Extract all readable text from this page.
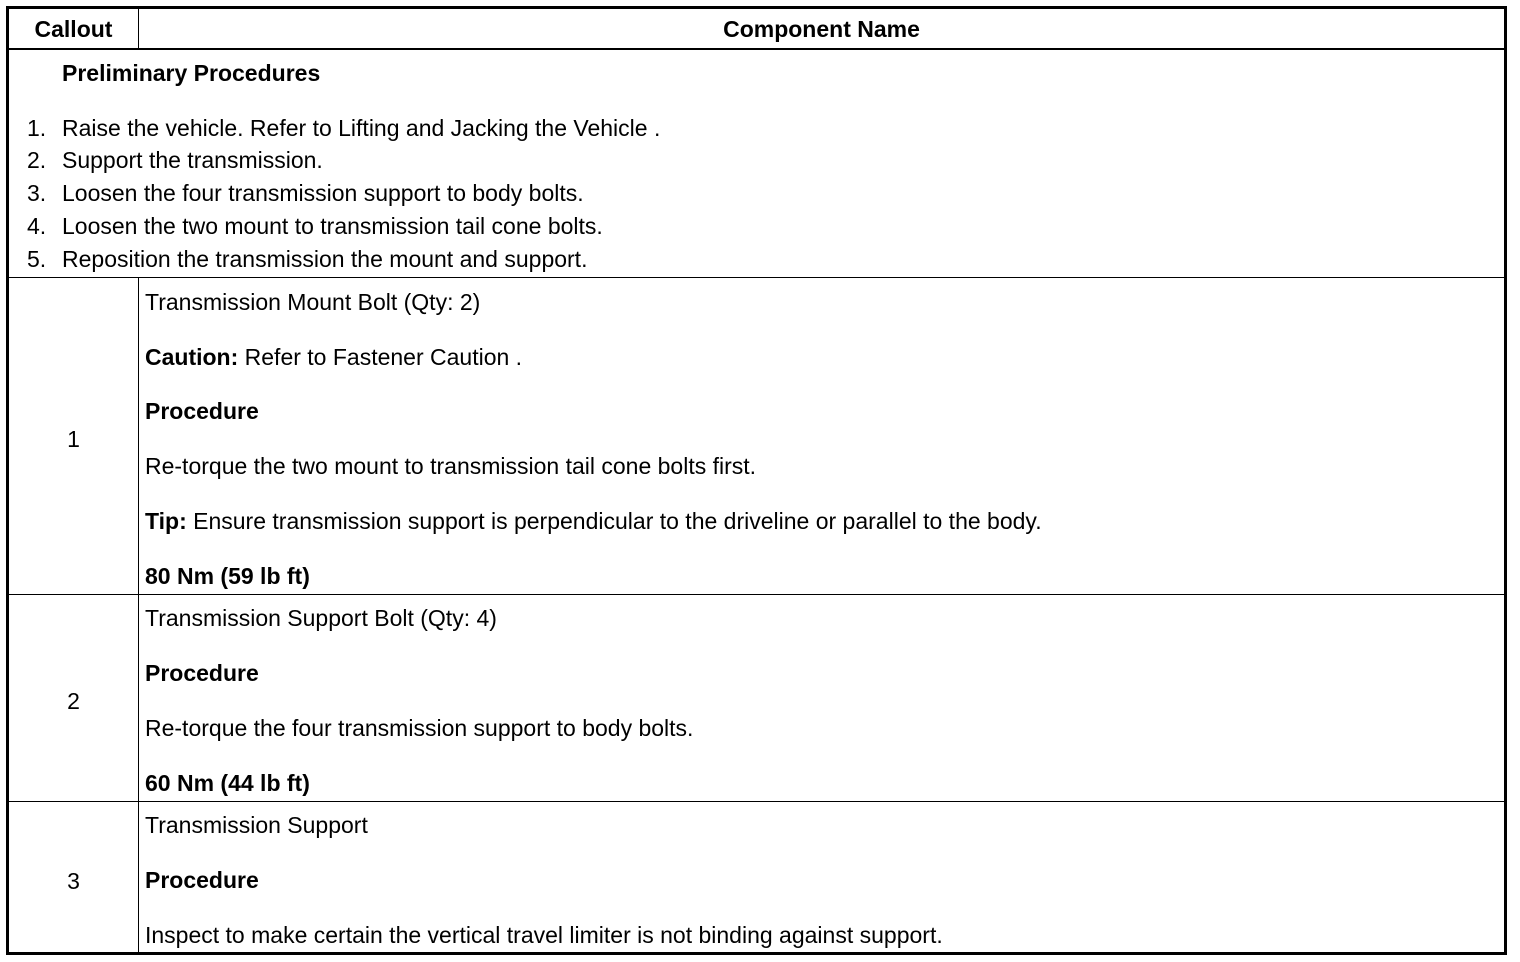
Callout	Component Name
Preliminary Procedures
1. Raise the vehicle. Refer to Lifting and Jacking the Vehicle .
2. Support the transmission.
3. Loosen the four transmission support to body bolts.
4. Loosen the two mount to transmission tail cone bolts.
5. Reposition the transmission the mount and support.
1
Transmission Mount Bolt (Qty: 2)
Caution: Refer to Fastener Caution .
Procedure
Re-torque the two mount to transmission tail cone bolts first.
Tip: Ensure transmission support is perpendicular to the driveline or parallel to the body.
80 Nm (59 lb ft)
2
Transmission Support Bolt (Qty: 4)
Procedure
Re-torque the four transmission support to body bolts.
60 Nm (44 lb ft)
3
Transmission Support
Procedure
Inspect to make certain the vertical travel limiter is not binding against support.
